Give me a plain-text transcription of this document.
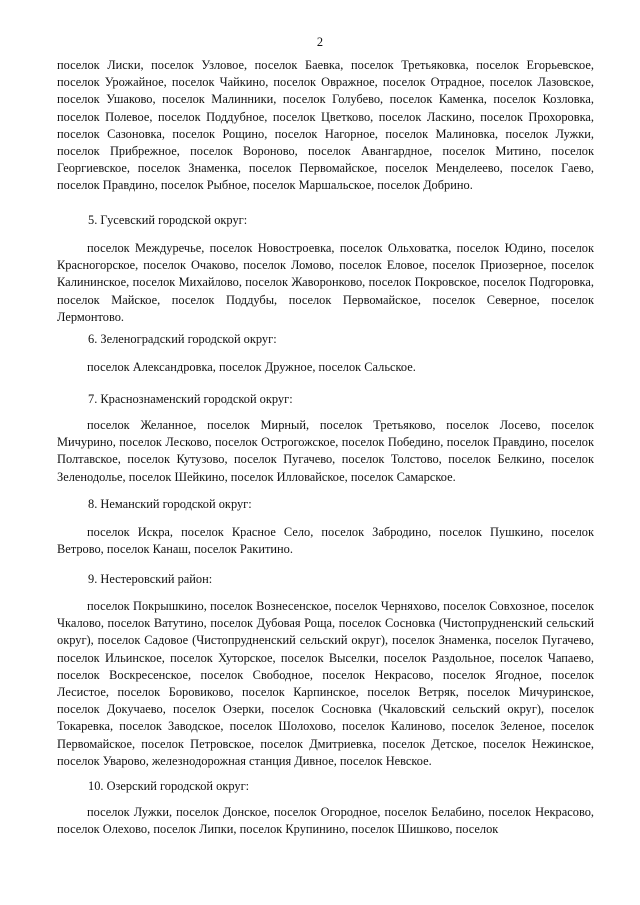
2

поселок Лиски, поселок Узловое, поселок Баевка, поселок Третьяковка, поселок Егорьевское, поселок Урожайное, поселок Чайкино, поселок Овражное, поселок Отрадное, поселок Лазовское, поселок Ушаково, поселок Малинники, поселок Голубево, поселок Каменка, поселок Козловка, поселок Полевое, поселок Поддубное, поселок Цветково, поселок Ласкино, поселок Прохоровка, поселок Сазоновка, поселок Рощино, поселок Нагорное, поселок Малиновка, поселок Лужки, поселок Прибрежное, поселок Вороново, поселок Авангардное, поселок Митино, поселок Георгиевское, поселок Знаменка, поселок Первомайское, поселок Менделеево, поселок Гаево, поселок Правдино, поселок Рыбное, поселок Маршальское, поселок Добрино.

5. Гусевский городской округ:

поселок Междуречье, поселок Новостроевка, поселок Ольховатка, поселок Юдино, поселок Красногорское, поселок Очаково, поселок Ломово, поселок Еловое, поселок Приозерное, поселок Калининское, поселок Михайлово, поселок Жаворонково, поселок Покровское, поселок Подгоровка, поселок Майское, поселок Поддубы, поселок Первомайское, поселок Северное, поселок Лермонтово.

6. Зеленоградский городской округ:

поселок Александровка, поселок Дружное, поселок Сальское.

7. Краснознаменский городской округ:

поселок Желанное, поселок Мирный, поселок Третьяково, поселок Лосево, поселок Мичурино, поселок Лесково, поселок Острогожское, поселок Победино, поселок Правдино, поселок Полтавское, поселок Кутузово, поселок Пугачево, поселок Толстово, поселок Белкино, поселок Зеленодолье, поселок Шейкино, поселок Илловайское, поселок Самарское.

8. Неманский городской округ:

поселок Искра, поселок Красное Село, поселок Забродино, поселок Пушкино, поселок Ветрово, поселок Канаш, поселок Ракитино.

9. Нестеровский район:

поселок Покрышкино, поселок Вознесенское, поселок Черняхово, поселок Совхозное, поселок Чкалово, поселок Ватутино, поселок Дубовая Роща, поселок Сосновка (Чистопрудненский сельский округ), поселок Садовое (Чистопрудненский сельский округ), поселок Знаменка, поселок Пугачево, поселок Ильинское, поселок Хуторское, поселок Выселки, поселок Раздольное, поселок Чапаево, поселок Воскресенское, поселок Свободное, поселок Некрасово, поселок Ягодное, поселок Лесистое, поселок Боровиково, поселок Карпинское, поселок Ветряк, поселок Мичуринское, поселок Докучаево, поселок Озерки, поселок Сосновка (Чкаловский сельский округ), поселок Токаревка, поселок Заводское, поселок Шолохово, поселок Калиново, поселок Зеленое, поселок Первомайское, поселок Петровское, поселок Дмитриевка, поселок Детское, поселок Нежинское, поселок Уварово, железнодорожная станция Дивное, поселок Невское.

10. Озерский городской округ:

поселок Лужки, поселок Донское, поселок Огородное, поселок Белабино, поселок Некрасово, поселок Олехово, поселок Липки, поселок Крупинино, поселок Шишково, поселок
